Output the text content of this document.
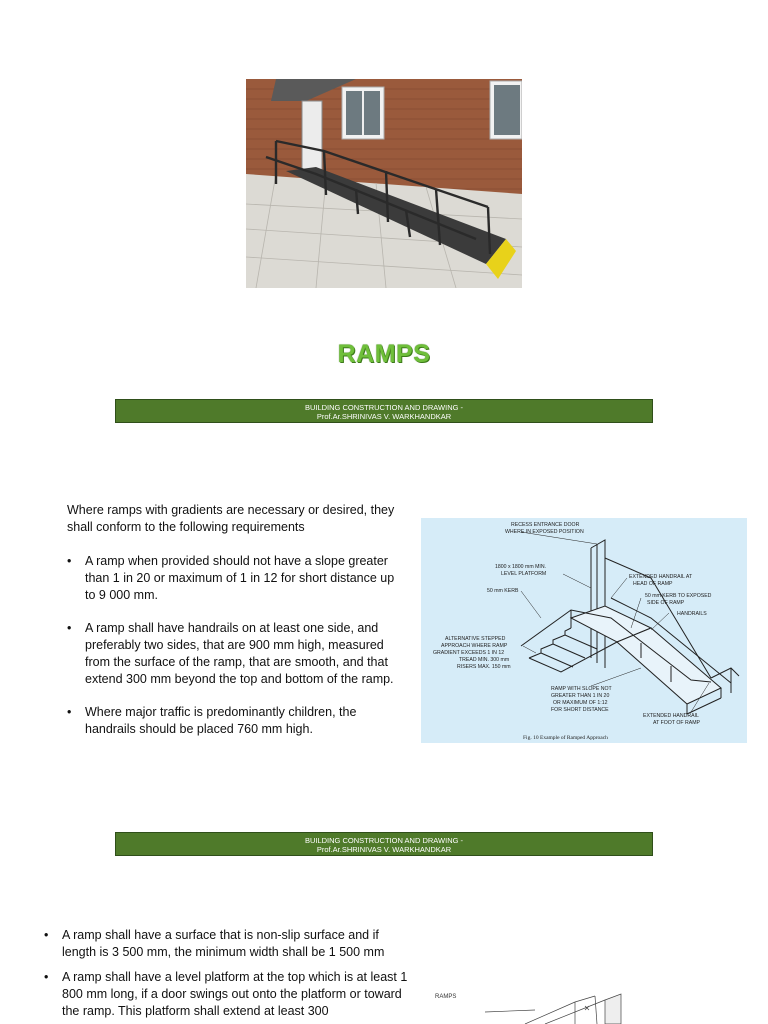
RAMPS
BUILDING CONSTRUCTION AND DRAWING -
Prof.Ar.SHRINIVAS V. WARKHANDKAR
Where ramps with gradients are necessary or desired, they shall conform to the following requirements
• A ramp when provided should not have a slope greater than 1 in 20 or maximum of 1 in 12 for short distance up to 9 000 mm.
• A ramp shall have handrails on at least one side, and preferably two sides, that are 900 mm high, measured from the surface of the ramp, that are smooth, and that extend 300 mm beyond the top and bottom of the ramp.
• Where major traffic is predominantly children, the handrails should be placed 760 mm high.
RECESS ENTRANCE DOOR
WHERE IN EXPOSED POSITION
1800 x 1800 mm MIN.
LEVEL PLATFORM
50 mm KERB
EXTENDED HANDRAIL AT
HEAD OF RAMP
50 mm KERB TO EXPOSED
SIDE OF RAMP
HANDRAILS
ALTERNATIVE STEPPED
APPROACH WHERE RAMP
GRADIENT EXCEEDS 1 IN 12
TREAD MIN. 300 mm
RISERS MAX. 150 mm
RAMP WITH SLOPE NOT
GREATER THAN 1 IN 20
OR MAXIMUM OF 1:12
FOR SHORT DISTANCE
EXTENDED HANDRAIL
AT FOOT OF RAMP
Fig. 10 Example of Ramped Approach
BUILDING CONSTRUCTION AND DRAWING -
Prof.Ar.SHRINIVAS V. WARKHANDKAR
• A ramp shall have a surface that is non-slip surface and if length is 3 500 mm, the minimum width shall be 1 500 mm
• A ramp shall have a level platform at the top which is at least 1 800 mm long, if a door swings out onto the platform or toward the ramp. This platform shall extend at least 300
RAMPS
